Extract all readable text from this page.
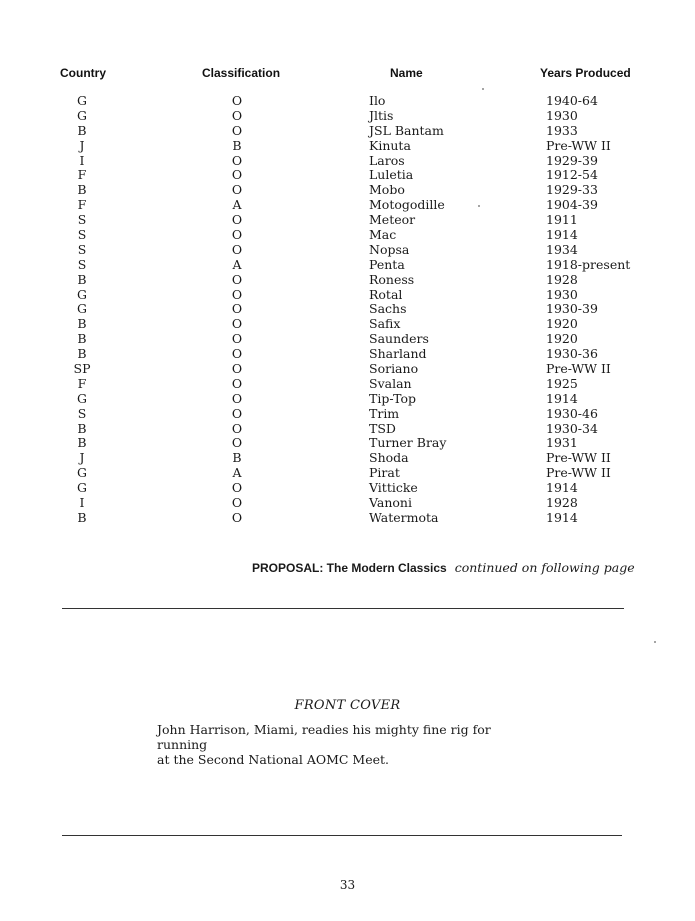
Country	Classification	Name	Years Produced
G	O	Ilo	1940-64
G	O	Jltis	1930
B	O	JSL Bantam	1933
J	B	Kinuta	Pre-WW II
I	O	Laros	1929-39
F	O	Luletia	1912-54
B	O	Mobo	1929-33
F	A	Motogodille	1904-39
S	O	Meteor	1911
S	O	Mac	1914
S	O	Nopsa	1934
S	A	Penta	1918-present
B	O	Roness	1928
G	O	Rotal	1930
G	O	Sachs	1930-39
B	O	Safix	1920
B	O	Saunders	1920
B	O	Sharland	1930-36
SP	O	Soriano	Pre-WW II
F	O	Svalan	1925
G	O	Tip-Top	1914
S	O	Trim	1930-46
B	O	TSD	1930-34
B	O	Turner Bray	1931
J	B	Shoda	Pre-WW II
G	A	Pirat	Pre-WW II
G	O	Vitticke	1914
I	O	Vanoni	1928
B	O	Watermota	1914
PROPOSAL: The Modern Classics continued on following page
FRONT COVER
John Harrison, Miami, readies his mighty fine rig for running
at the Second National AOMC Meet.
33
